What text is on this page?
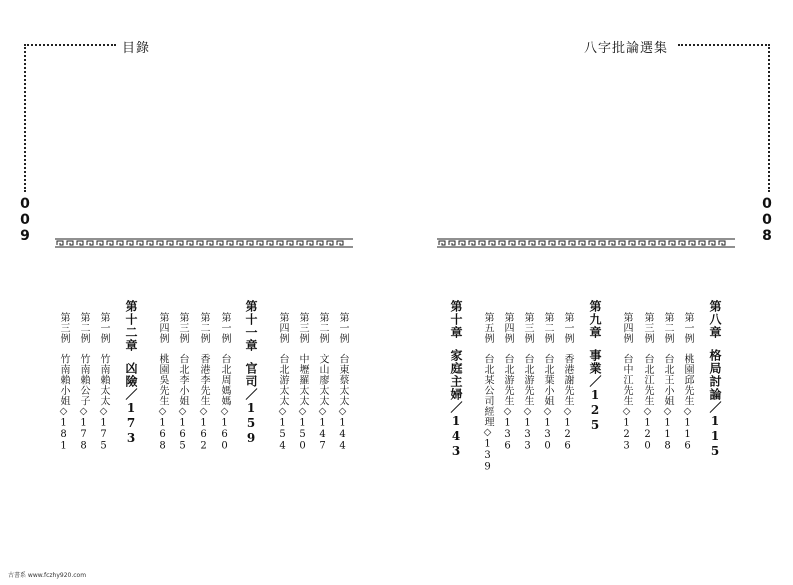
目錄
009
八字批論選集
008
第一例台東蔡太太◇144
第二例文山廖太太◇147
第三例中壢羅太太◇150
第四例台北游太太◇154
第十一章官司／159
第一例台北周媽媽◇160
第二例香港李先生◇162
第三例台北李小姐◇165
第四例桃園吳先生◇168
第十二章凶險／173
第一例竹南賴太太◇175
第二例竹南賴公子◇178
第三例竹南賴小姐◇181
第八章格局討論／115
第一例桃園邱先生◇116
第二例台北王小姐◇118
第三例台北江先生◇120
第四例台中江先生◇123
第九章事業／125
第一例香港謝先生◇126
第二例台北葉小姐◇130
第三例台北游先生◇133
第四例台北游先生◇136
第五例台北某公司經理◇139
第十章家庭主婦／143
古書系 www.fczhy920.com
